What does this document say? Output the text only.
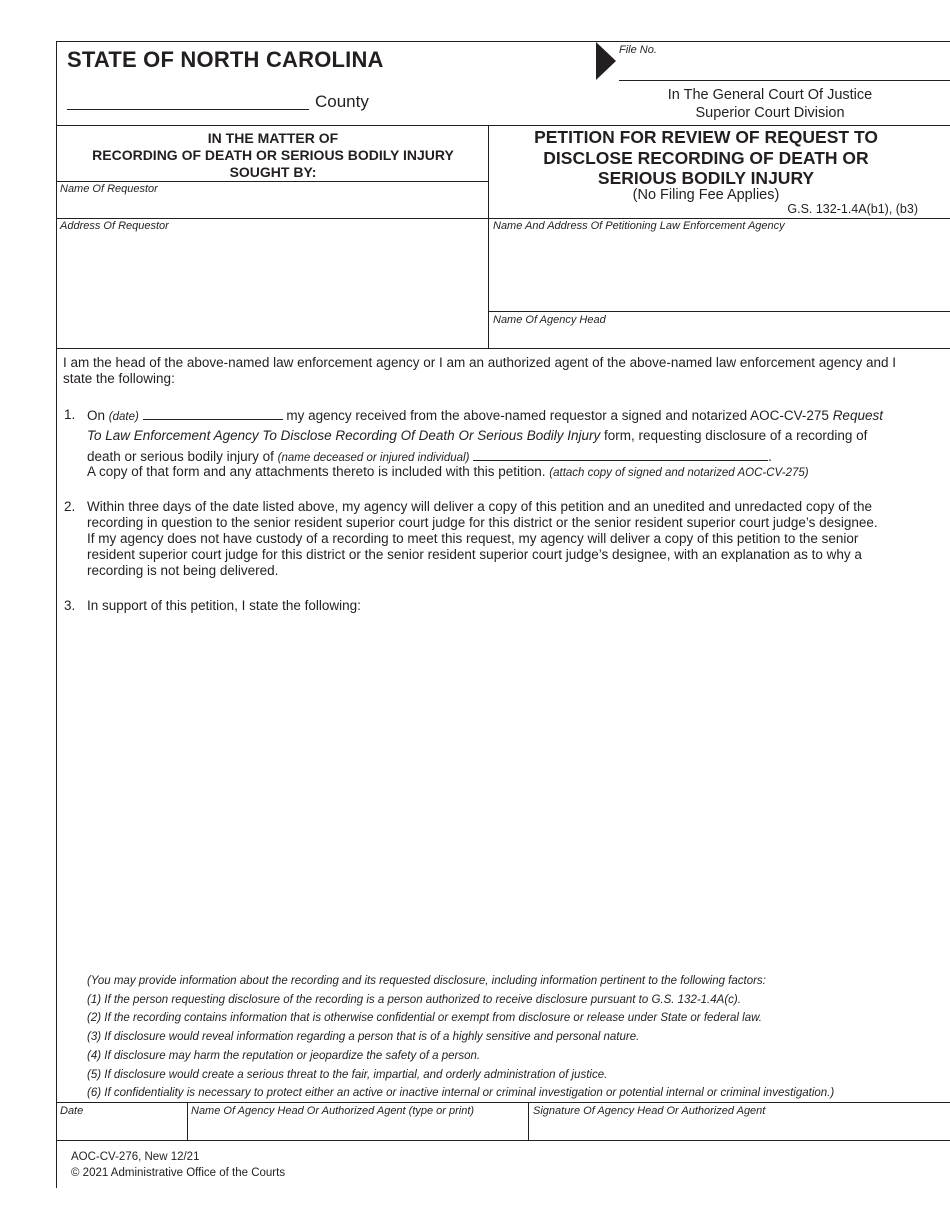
STATE OF NORTH CAROLINA	File No.
County	In The General Court Of Justice
Superior Court Division
IN THE MATTER OF
RECORDING OF DEATH OR SERIOUS BODILY INJURY
SOUGHT BY:
PETITION FOR REVIEW OF REQUEST TO
DISCLOSE RECORDING OF DEATH OR
SERIOUS BODILY INJURY
(No Filing Fee Applies)
G.S. 132-1.4A(b1), (b3)
Name Of Requestor
Address Of Requestor	Name And Address Of Petitioning Law Enforcement Agency
Name Of Agency Head
I am the head of the above-named law enforcement agency or I am an authorized agent of the above-named law enforcement agency and I state the following:
1. On (date)	my agency received from the above-named requestor a signed and notarized AOC-CV-275 Request
To Law Enforcement Agency To Disclose Recording Of Death Or Serious Bodily Injury form, requesting disclosure of a recording of
death or serious bodily injury of (name deceased or injured individual)	.
A copy of that form and any attachments thereto is included with this petition. (attach copy of signed and notarized AOC-CV-275)
2. Within three days of the date listed above, my agency will deliver a copy of this petition and an unedited and unredacted copy of the
recording in question to the senior resident superior court judge for this district or the senior resident superior court judge’s designee.
If my agency does not have custody of a recording to meet this request, my agency will deliver a copy of this petition to the senior
resident superior court judge for this district or the senior resident superior court judge’s designee, with an explanation as to why a
recording is not being delivered.
3. In support of this petition, I state the following:
(You may provide information about the recording and its requested disclosure, including information pertinent to the following factors:
(1) If the person requesting disclosure of the recording is a person authorized to receive disclosure pursuant to G.S. 132-1.4A(c).
(2) If the recording contains information that is otherwise confidential or exempt from disclosure or release under State or federal law.
(3) If disclosure would reveal information regarding a person that is of a highly sensitive and personal nature.
(4) If disclosure may harm the reputation or jeopardize the safety of a person.
(5) If disclosure would create a serious threat to the fair, impartial, and orderly administration of justice.
(6) If confidentiality is necessary to protect either an active or inactive internal or criminal investigation or potential internal or criminal investigation.)
Date	Name Of Agency Head Or Authorized Agent (type or print)	Signature Of Agency Head Or Authorized Agent
AOC-CV-276, New 12/21
© 2021 Administrative Office of the Courts
